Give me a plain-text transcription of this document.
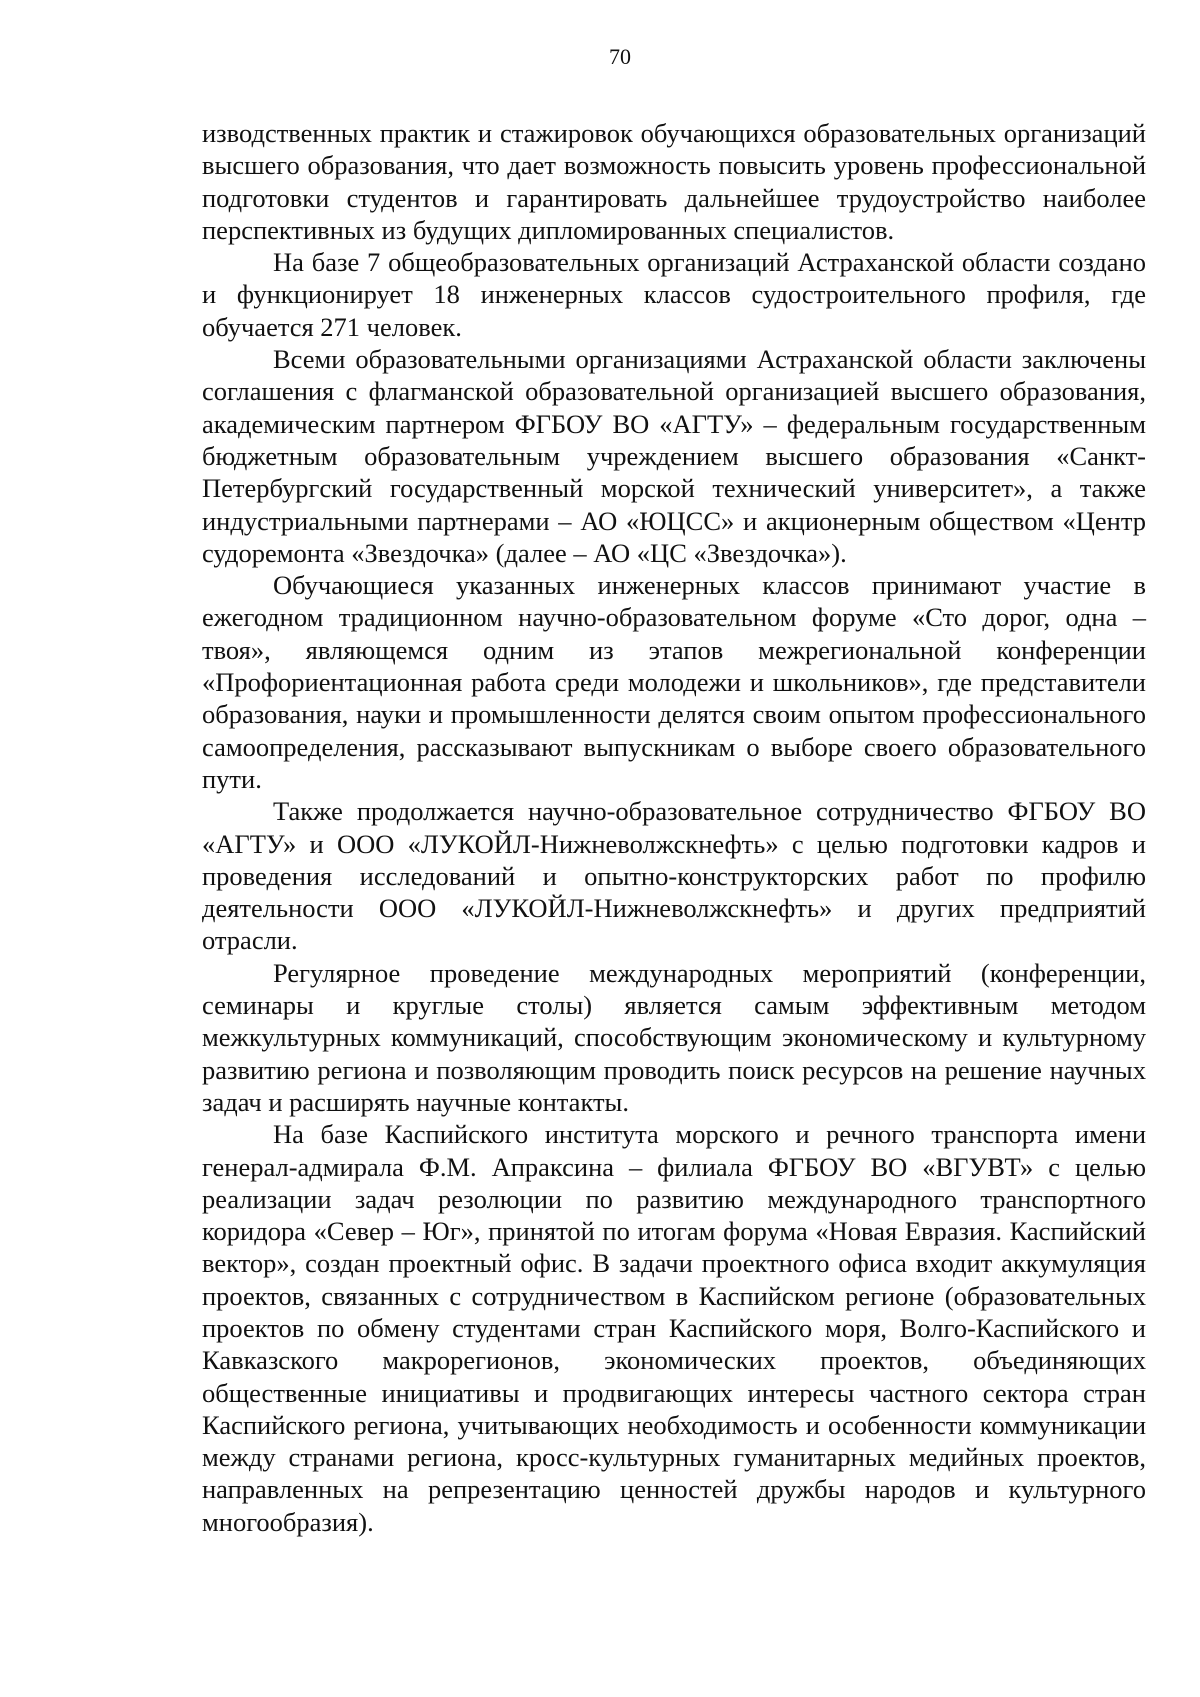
70

изводственных практик и стажировок обучающихся образовательных организаций высшего образования, что дает возможность повысить уровень профессиональной подготовки студентов и гарантировать дальнейшее трудоустройство наиболее перспективных из будущих дипломированных специалистов.

На базе 7 общеобразовательных организаций Астраханской области создано и функционирует 18 инженерных классов судостроительного профиля, где обучается 271 человек.

Всеми образовательными организациями Астраханской области заключены соглашения с флагманской образовательной организацией высшего образования, академическим партнером ФГБОУ ВО «АГТУ» – федеральным государственным бюджетным образовательным учреждением высшего образования «Санкт-Петербургский государственный морской технический университет», а также индустриальными партнерами – АО «ЮЦСС» и акционерным обществом «Центр судоремонта «Звездочка» (далее – АО «ЦС «Звездочка»).

Обучающиеся указанных инженерных классов принимают участие в ежегодном традиционном научно-образовательном форуме «Сто дорог, одна – твоя», являющемся одним из этапов межрегиональной конференции «Профориентационная работа среди молодежи и школьников», где представители образования, науки и промышленности делятся своим опытом профессионального самоопределения, рассказывают выпускникам о выборе своего образовательного пути.

Также продолжается научно-образовательное сотрудничество ФГБОУ ВО «АГТУ» и ООО «ЛУКОЙЛ-Нижневолжскнефть» с целью подготовки кадров и проведения исследований и опытно-конструкторских работ по профилю деятельности ООО «ЛУКОЙЛ-Нижневолжскнефть» и других предприятий отрасли.

Регулярное проведение международных мероприятий (конференции, семинары и круглые столы) является самым эффективным методом межкультурных коммуникаций, способствующим экономическому и культурному развитию региона и позволяющим проводить поиск ресурсов на решение научных задач и расширять научные контакты.

На базе Каспийского института морского и речного транспорта имени генерал-адмирала Ф.М. Апраксина – филиала ФГБОУ ВО «ВГУВТ» с целью реализации задач резолюции по развитию международного транспортного коридора «Север – Юг», принятой по итогам форума «Новая Евразия. Каспийский вектор», создан проектный офис. В задачи проектного офиса входит аккумуляция проектов, связанных с сотрудничеством в Каспийском регионе (образовательных проектов по обмену студентами стран Каспийского моря, Волго-Каспийского и Кавказского макрорегионов, экономических проектов, объединяющих общественные инициативы и продвигающих интересы частного сектора стран Каспийского региона, учитывающих необходимость и особенности коммуникации между странами региона, кросс-культурных гуманитарных медийных проектов, направленных на репрезентацию ценностей дружбы народов и культурного многообразия).
